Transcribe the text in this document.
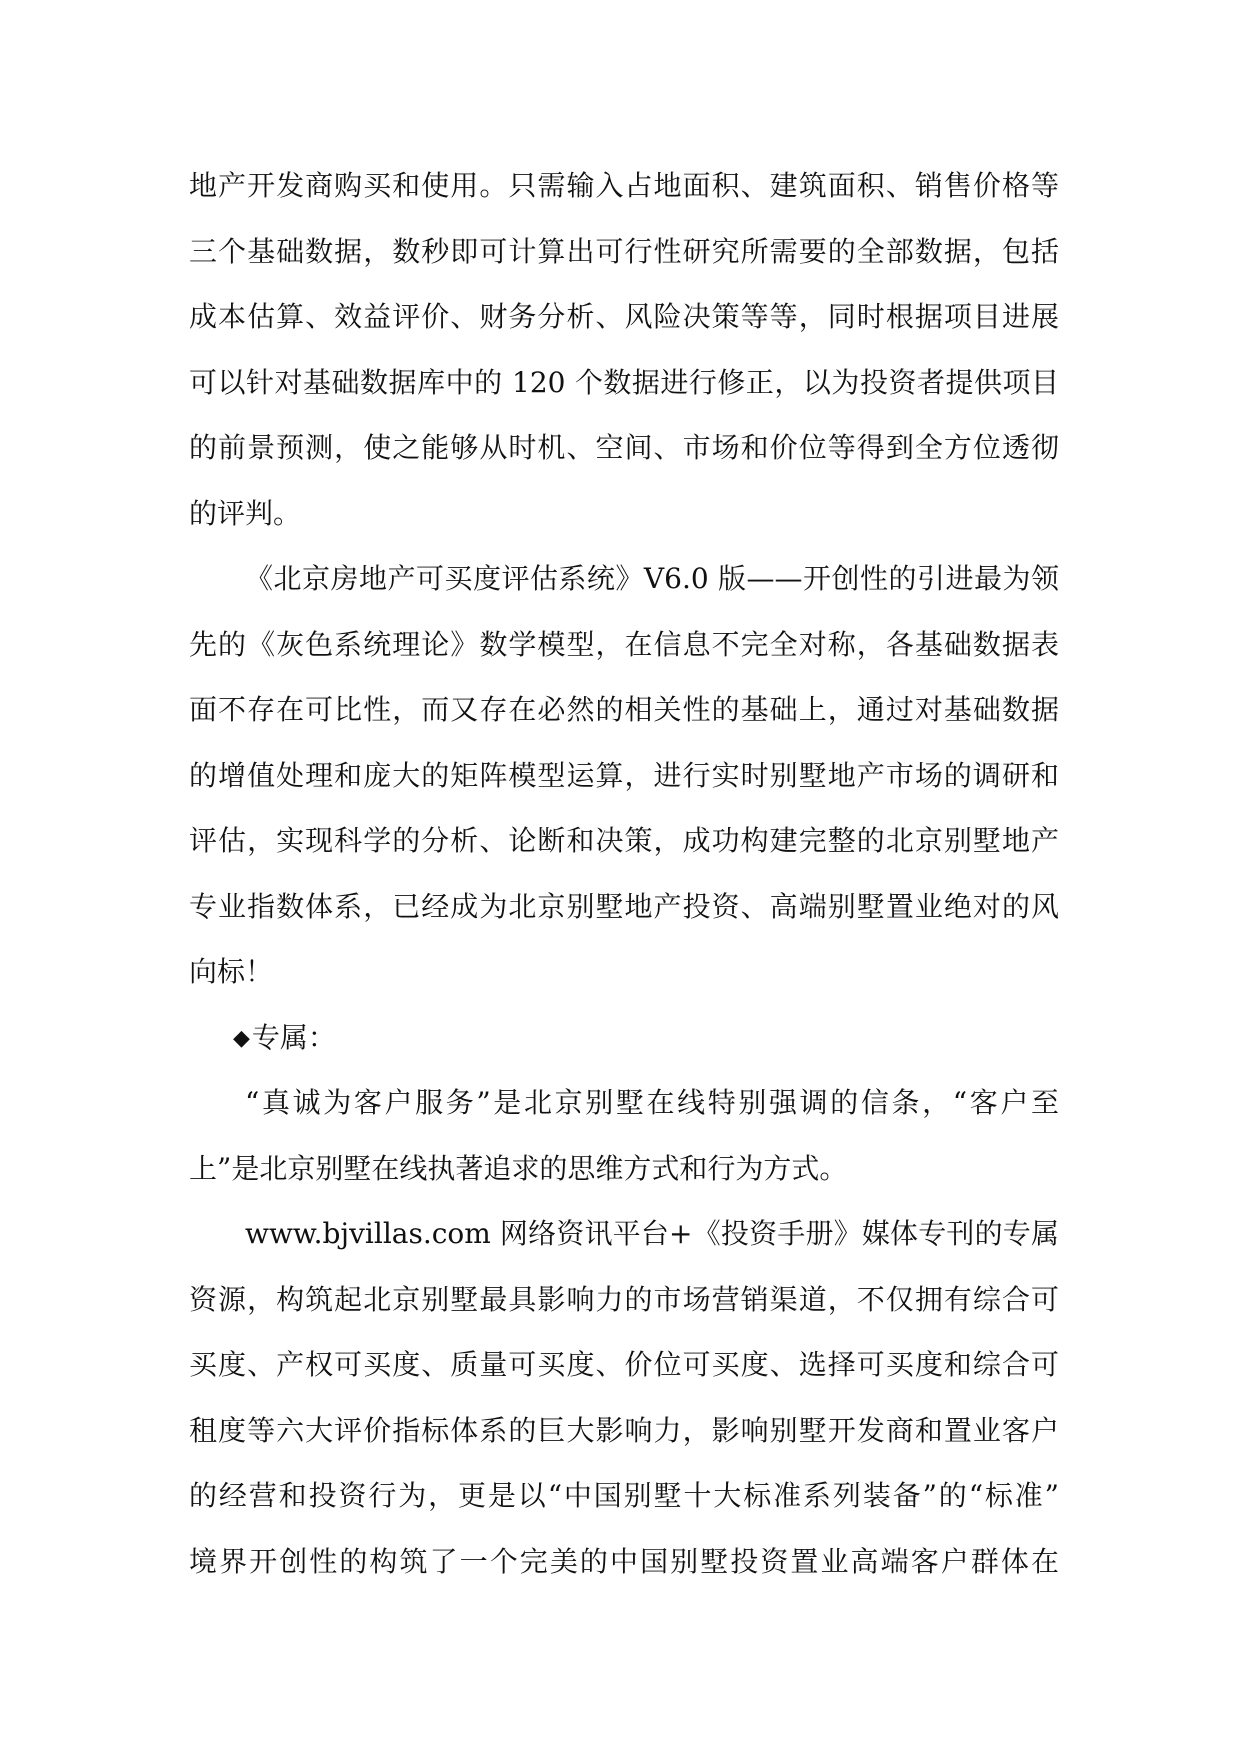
地产开发商购买和使用。只需输入占地面积、建筑面积、销售价格等
三个基础数据，数秒即可计算出可行性研究所需要的全部数据，包括
成本估算、效益评价、财务分析、风险决策等等，同时根据项目进展
可以针对基础数据库中的 120 个数据进行修正，以为投资者提供项目
的前景预测，使之能够从时机、空间、市场和价位等得到全方位透彻
的评判。
《北京房地产可买度评估系统》V6.0 版——开创性的引进最为领
先的《灰色系统理论》数学模型，在信息不完全对称，各基础数据表
面不存在可比性，而又存在必然的相关性的基础上，通过对基础数据
的增值处理和庞大的矩阵模型运算，进行实时别墅地产市场的调研和
评估，实现科学的分析、论断和决策，成功构建完整的北京别墅地产
专业指数体系，已经成为北京别墅地产投资、高端别墅置业绝对的风
向标！
◆专属：
“真诚为客户服务”是北京别墅在线特别强调的信条，“客户至
上”是北京别墅在线执著追求的思维方式和行为方式。
www.bjvillas.com 网络资讯平台+《投资手册》媒体专刊的专属
资源，构筑起北京别墅最具影响力的市场营销渠道，不仅拥有综合可
买度、产权可买度、质量可买度、价位可买度、选择可买度和综合可
租度等六大评价指标体系的巨大影响力，影响别墅开发商和置业客户
的经营和投资行为，更是以“中国别墅十大标准系列装备”的“标准”
境界开创性的构筑了一个完美的中国别墅投资置业高端客户群体在
